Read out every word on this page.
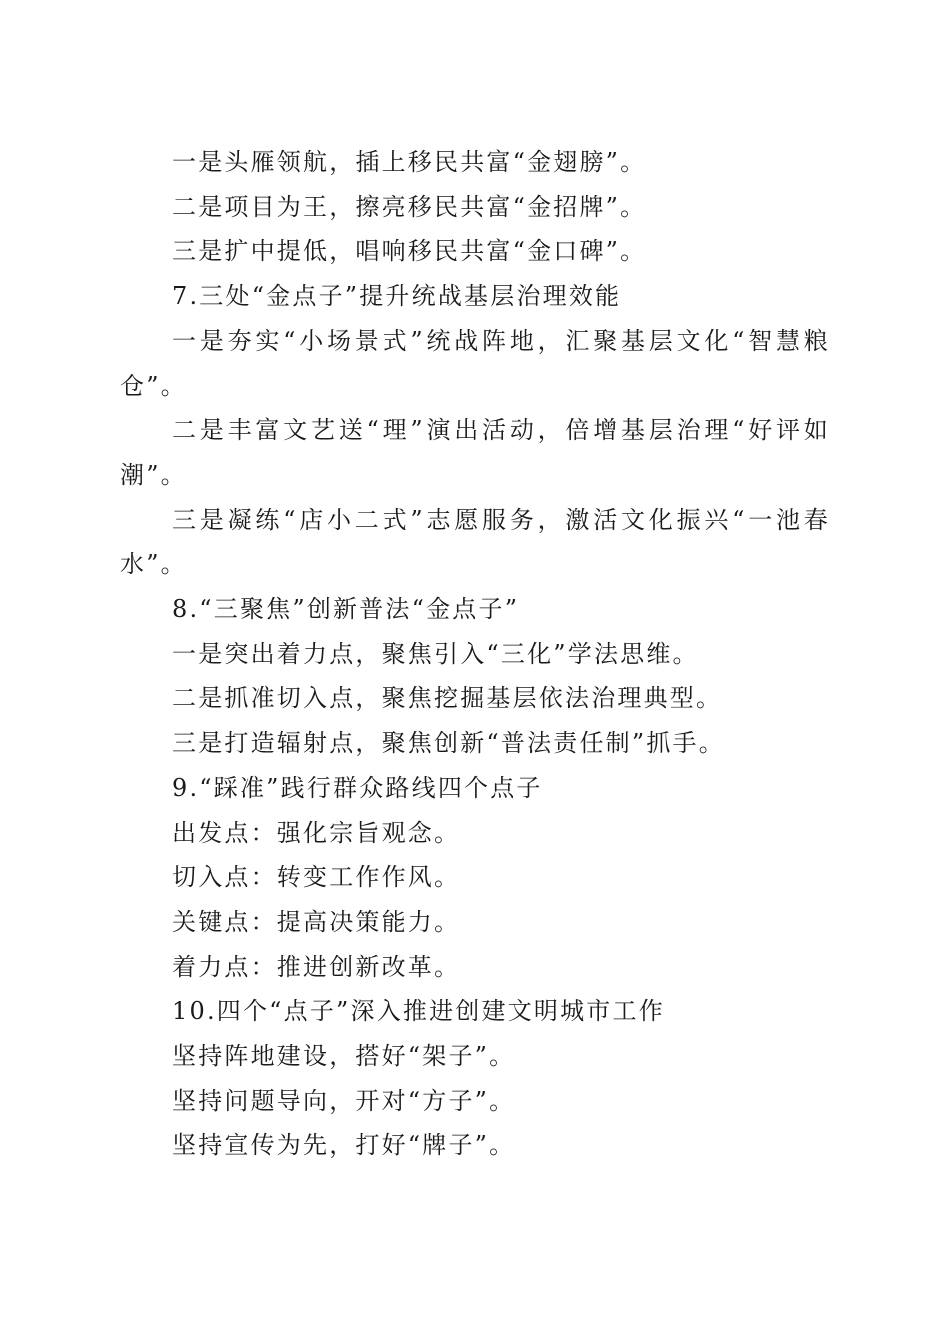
一是头雁领航，插上移民共富“金翅膀”。
二是项目为王，擦亮移民共富“金招牌”。
三是扩中提低，唱响移民共富“金口碑”。
7.三处“金点子”提升统战基层治理效能
一是夯实“小场景式”统战阵地，汇聚基层文化“智慧粮仓”。
二是丰富文艺送“理”演出活动，倍增基层治理“好评如潮”。
三是凝练“店小二式”志愿服务，激活文化振兴“一池春水”。
8.“三聚焦”创新普法“金点子”
一是突出着力点，聚焦引入“三化”学法思维。
二是抓准切入点，聚焦挖掘基层依法治理典型。
三是打造辐射点，聚焦创新“普法责任制”抓手。
9.“踩准”践行群众路线四个点子
出发点：强化宗旨观念。
切入点：转变工作作风。
关键点：提高决策能力。
着力点：推进创新改革。
10.四个“点子”深入推进创建文明城市工作
坚持阵地建设，搭好“架子”。
坚持问题导向，开对“方子”。
坚持宣传为先，打好“牌子”。
